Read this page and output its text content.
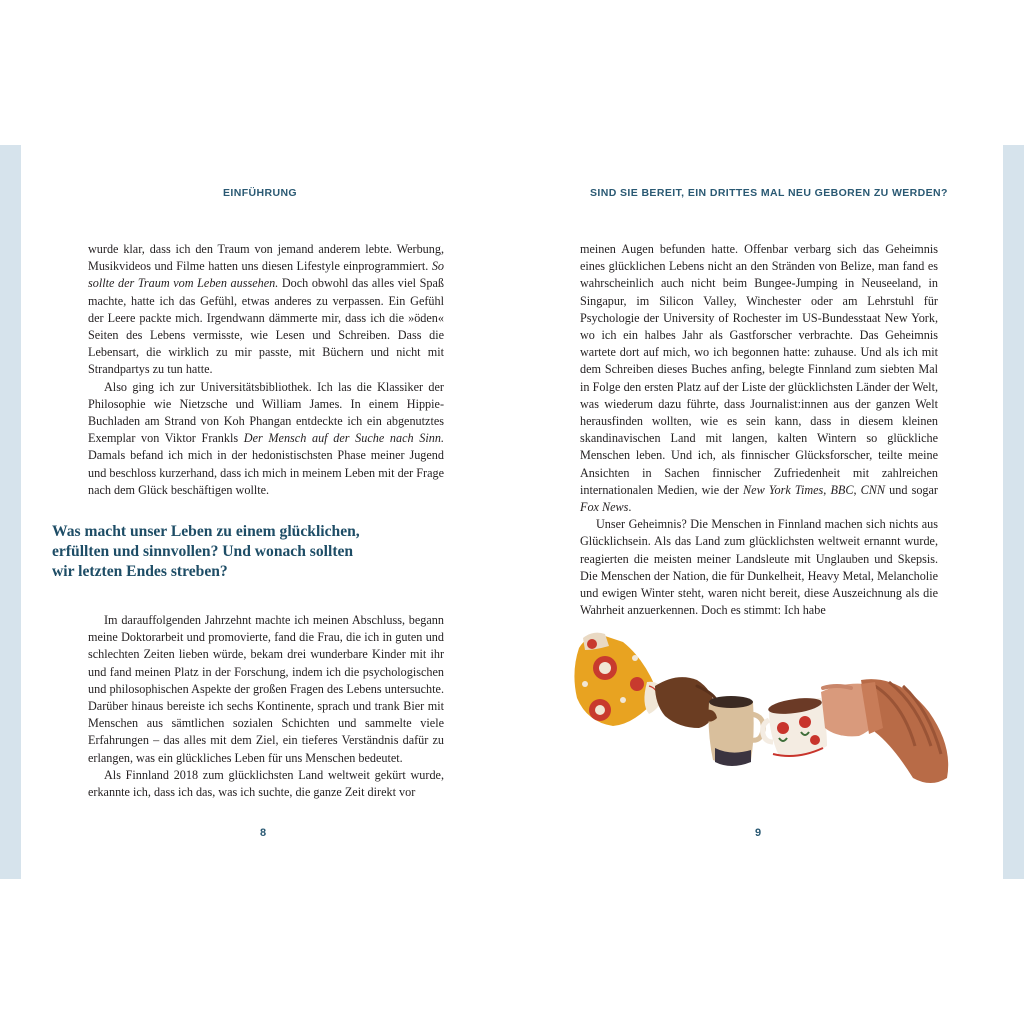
EINFÜHRUNG	SIND SIE BEREIT, EIN DRITTES MAL NEU GEBOREN ZU WERDEN?

wurde klar, dass ich den Traum von jemand anderem lebte. Werbung, Musikvideos und Filme hatten uns diesen Lifestyle einprogrammiert. So sollte der Traum vom Leben aussehen. Doch obwohl das alles viel Spaß machte, hatte ich das Gefühl, etwas anderes zu verpassen. Ein Gefühl der Leere packte mich. Irgendwann dämmerte mir, dass ich die »öden« Seiten des Lebens vermisste, wie Lesen und Schreiben. Dass die Lebensart, die wirklich zu mir passte, mit Büchern und nicht mit Strandpartys zu tun hatte.

Also ging ich zur Universitätsbibliothek. Ich las die Klassiker der Philosophie wie Nietzsche und William James. In einem Hippie-Buchladen am Strand von Koh Phangan entdeckte ich ein abgenutztes Exemplar von Viktor Frankls Der Mensch auf der Suche nach Sinn. Damals befand ich mich in der hedonistischsten Phase meiner Jugend und beschloss kurzerhand, dass ich mich in meinem Leben mit der Frage nach dem Glück beschäftigen wollte.

Was macht unser Leben zu einem glücklichen,
erfüllten und sinnvollen? Und wonach sollten
wir letzten Endes streben?

Im darauffolgenden Jahrzehnt machte ich meinen Abschluss, begann meine Doktorarbeit und promovierte, fand die Frau, die ich in guten und schlechten Zeiten lieben würde, bekam drei wunderbare Kinder mit ihr und fand meinen Platz in der Forschung, indem ich die psychologischen und philosophischen Aspekte der großen Fragen des Lebens untersuchte. Darüber hinaus bereiste ich sechs Kontinente, sprach und trank Bier mit Menschen aus sämtlichen sozialen Schichten und sammelte viele Erfahrungen – das alles mit dem Ziel, ein tieferes Verständnis dafür zu erlangen, was ein glückliches Leben für uns Menschen bedeutet.

Als Finnland 2018 zum glücklichsten Land weltweit gekürt wurde, erkannte ich, dass ich das, was ich suchte, die ganze Zeit direkt vor

meinen Augen befunden hatte. Offenbar verbarg sich das Geheimnis eines glücklichen Lebens nicht an den Stränden von Belize, man fand es wahrscheinlich auch nicht beim Bungee-Jumping in Neuseeland, in Singapur, im Silicon Valley, Winchester oder am Lehrstuhl für Psychologie der University of Rochester im US-Bundesstaat New York, wo ich ein halbes Jahr als Gastforscher verbrachte. Das Geheimnis wartete dort auf mich, wo ich begonnen hatte: zuhause. Und als ich mit dem Schreiben dieses Buches anfing, belegte Finnland zum siebten Mal in Folge den ersten Platz auf der Liste der glücklichsten Länder der Welt, was wiederum dazu führte, dass Journalist:innen aus der ganzen Welt herausfinden wollten, wie es sein kann, dass in diesem kleinen skandinavischen Land mit langen, kalten Wintern so glückliche Menschen leben. Und ich, als finnischer Glücksforscher, teilte meine Ansichten in Sachen finnischer Zufriedenheit mit zahlreichen internationalen Medien, wie der New York Times, BBC, CNN und sogar Fox News.

Unser Geheimnis? Die Menschen in Finnland machen sich nichts aus Glücklichsein. Als das Land zum glücklichsten weltweit ernannt wurde, reagierten die meisten meiner Landsleute mit Unglauben und Skepsis. Die Menschen der Nation, die für Dunkelheit, Heavy Metal, Melancholie und ewigen Winter steht, waren nicht bereit, diese Auszeichnung als die Wahrheit anzuerkennen. Doch es stimmt: Ich habe

8	9
